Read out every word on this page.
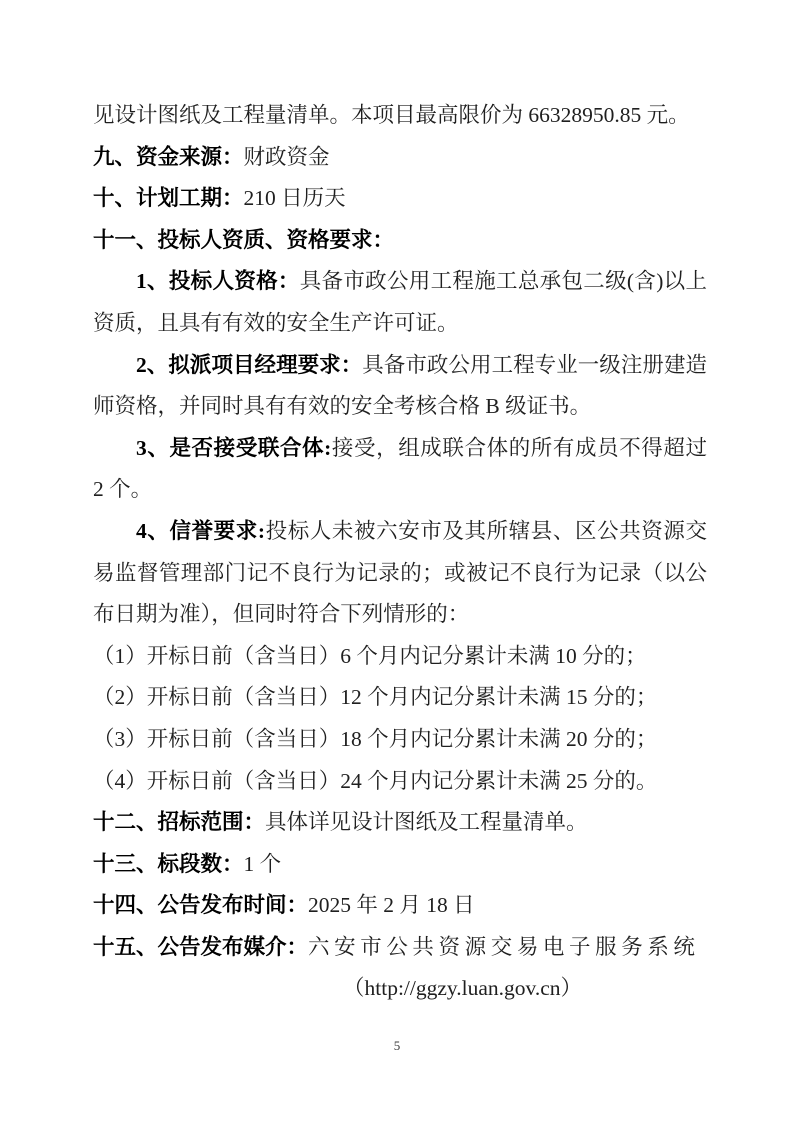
见设计图纸及工程量清单。本项目最高限价为 66328950.85 元。

九、资金来源：财政资金

十、计划工期：210 日历天

十一、投标人资质、资格要求：

1、投标人资格：具备市政公用工程施工总承包二级(含)以上资质，且具有有效的安全生产许可证。

2、拟派项目经理要求：具备市政公用工程专业一级注册建造师资格，并同时具有有效的安全考核合格 B 级证书。

3、是否接受联合体:接受，组成联合体的所有成员不得超过 2 个。

4、信誉要求:投标人未被六安市及其所辖县、区公共资源交易监督管理部门记不良行为记录的；或被记不良行为记录（以公布日期为准），但同时符合下列情形的：

（1）开标日前（含当日）6 个月内记分累计未满 10 分的；

（2）开标日前（含当日）12 个月内记分累计未满 15 分的；

（3）开标日前（含当日）18 个月内记分累计未满 20 分的；

（4）开标日前（含当日）24 个月内记分累计未满 25 分的。

十二、招标范围：具体详见设计图纸及工程量清单。

十三、标段数：1 个

十四、公告发布时间：2025 年 2 月 18 日

十五、公告发布媒介：六安市公共资源交易电子服务系统

（http://ggzy.luan.gov.cn）

5
